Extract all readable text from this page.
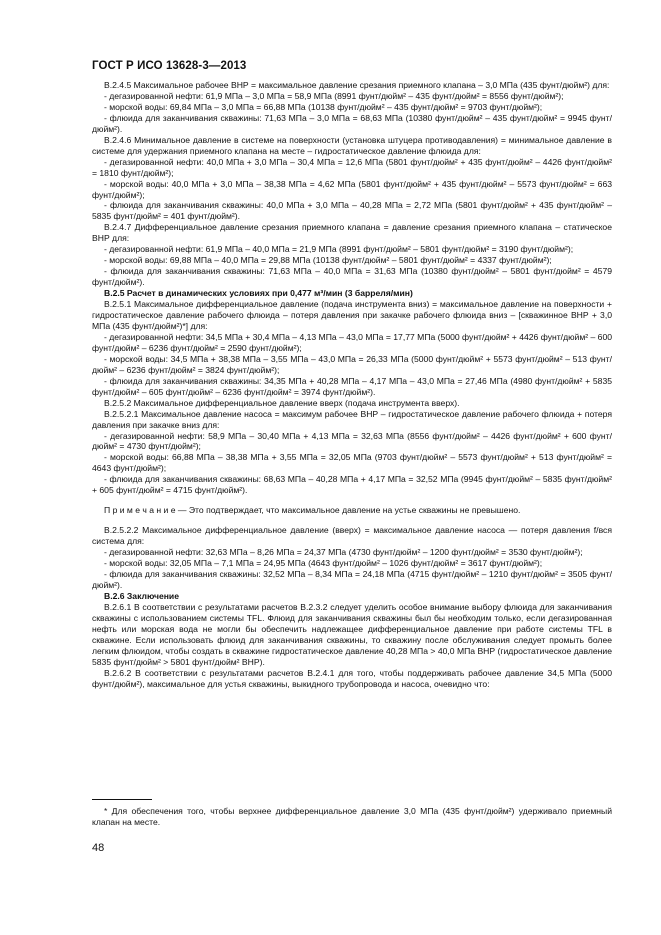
ГОСТ Р ИСО 13628-3—2013

В.2.4.5 Максимальное рабочее ВНР = максимальное давление срезания приемного клапана – 3,0 МПа (435 фунт/дюйм²) для:

- дегазированной нефти: 61,9 МПа – 3,0 МПа = 58,9 МПа (8991 фунт/дюйм² – 435 фунт/дюйм² = 8556 фунт/дюйм²);

- морской воды: 69,84 МПа – 3,0 МПа = 66,88 МПа (10138 фунт/дюйм² – 435 фунт/дюйм² = 9703 фунт/дюйм²);

- флюида для заканчивания скважины: 71,63 МПа – 3,0 МПа = 68,63 МПа (10380 фунт/дюйм² – 435 фунт/дюйм² = 9945 фунт/дюйм²).

В.2.4.6 Минимальное давление в системе на поверхности (установка штуцера противодавления) = минимальное давление в системе для удержания приемного клапана на месте – гидростатическое давление флюида для:

- дегазированной нефти: 40,0 МПа + 3,0 МПа – 30,4 МПа = 12,6 МПа (5801 фунт/дюйм² + 435 фунт/дюйм² – 4426 фунт/дюйм² = 1810 фунт/дюйм²);

- морской воды: 40,0 МПа + 3,0 МПа – 38,38 МПа = 4,62 МПа (5801 фунт/дюйм² + 435 фунт/дюйм² – 5573 фунт/дюйм² = 663 фунт/дюйм²);

- флюида для заканчивания скважины: 40,0 МПа + 3,0 МПа – 40,28 МПа = 2,72 МПа (5801 фунт/дюйм² + 435 фунт/дюйм² – 5835 фунт/дюйм² = 401 фунт/дюйм²).

В.2.4.7 Дифференциальное давление срезания приемного клапана = давление срезания приемного клапана – статическое ВНР для:

- дегазированной нефти: 61,9 МПа – 40,0 МПа = 21,9 МПа (8991 фунт/дюйм² – 5801 фунт/дюйм² = 3190 фунт/дюйм²);

- морской воды: 69,88 МПа – 40,0 МПа = 29,88 МПа (10138 фунт/дюйм² – 5801 фунт/дюйм² = 4337 фунт/дюйм²);

- флюида для заканчивания скважины: 71,63 МПа – 40,0 МПа = 31,63 МПа (10380 фунт/дюйм² – 5801 фунт/дюйм² = 4579 фунт/дюйм²).

В.2.5 Расчет в динамических условиях при 0,477 м³/мин (3 барреля/мин)

В.2.5.1 Максимальное дифференциальное давление (подача инструмента вниз) = максимальное давление на поверхности + гидростатическое давление рабочего флюида – потеря давления при закачке рабочего флюида вниз – [скважинное ВНР + 3,0 МПа (435 фунт/дюйм²)*] для:

- дегазированной нефти: 34,5 МПа + 30,4 МПа – 4,13 МПа – 43,0 МПа = 17,77 МПа (5000 фунт/дюйм² + 4426 фунт/дюйм² – 600 фунт/дюйм² – 6236 фунт/дюйм² = 2590 фунт/дюйм²);

- морской воды: 34,5 МПа + 38,38 МПа – 3,55 МПа – 43,0 МПа = 26,33 МПа (5000 фунт/дюйм² + 5573 фунт/дюйм² – 513 фунт/дюйм² – 6236 фунт/дюйм² = 3824 фунт/дюйм²);

- флюида для заканчивания скважины: 34,35 МПа + 40,28 МПа – 4,17 МПа – 43,0 МПа = 27,46 МПа (4980 фунт/дюйм² + 5835 фунт/дюйм² – 605 фунт/дюйм² – 6236 фунт/дюйм² = 3974 фунт/дюйм²).

В.2.5.2 Максимальное дифференциальное давление вверх (подача инструмента вверх).

В.2.5.2.1 Максимальное давление насоса = максимум рабочее ВНР – гидростатическое давление рабочего флюида + потеря давления при закачке вниз для:

- дегазированной нефти: 58,9 МПа – 30,40 МПа + 4,13 МПа = 32,63 МПа (8556 фунт/дюйм² – 4426 фунт/дюйм² + 600 фунт/дюйм² = 4730 фунт/дюйм²);

- морской воды: 66,88 МПа – 38,38 МПа + 3,55 МПа = 32,05 МПа (9703 фунт/дюйм² – 5573 фунт/дюйм² + 513 фунт/дюйм² = 4643 фунт/дюйм²);

- флюида для заканчивания скважины: 68,63 МПа – 40,28 МПа + 4,17 МПа = 32,52 МПа (9945 фунт/дюйм² – 5835 фунт/дюйм² + 605 фунт/дюйм² = 4715 фунт/дюйм²).

П р и м е ч а н и е — Это подтверждает, что максимальное давление на устье скважины не превышено.

В.2.5.2.2 Максимальное дифференциальное давление (вверх) = максимальное давление насоса — потеря давления f/вся система для:

- дегазированной нефти: 32,63 МПа – 8,26 МПа = 24,37 МПа (4730 фунт/дюйм² – 1200 фунт/дюйм² = 3530 фунт/дюйм²);

- морской воды: 32,05 МПа – 7,1 МПа = 24,95 МПа (4643 фунт/дюйм² – 1026 фунт/дюйм² = 3617 фунт/дюйм²);

- флюида для заканчивания скважины: 32,52 МПа – 8,34 МПа = 24,18 МПа (4715 фунт/дюйм² – 1210 фунт/дюйм² = 3505 фунт/дюйм²).

В.2.6 Заключение

В.2.6.1 В соответствии с результатами расчетов В.2.3.2 следует уделить особое внимание выбору флюида для заканчивания скважины с использованием системы TFL. Флюид для заканчивания скважины был бы необходим только, если дегазированная нефть или морская вода не могли бы обеспечить надлежащее дифференциальное давление при работе системы TFL в скважине. Если использовать флюид для заканчивания скважины, то скважину после обслуживания следует промыть более легким флюидом, чтобы создать в скважине гидростатическое давление 40,28 МПа > 40,0 МПа ВНР (гидростатическое давление 5835 фунт/дюйм² > 5801 фунт/дюйм² ВНР).

В.2.6.2 В соответствии с результатами расчетов В.2.4.1 для того, чтобы поддерживать рабочее давление 34,5 МПа (5000 фунт/дюйм²), максимальное для устья скважины, выкидного трубопровода и насоса, очевидно что:

* Для обеспечения того, чтобы верхнее дифференциальное давление 3,0 МПа (435 фунт/дюйм²) удерживало приемный клапан на месте.

48
